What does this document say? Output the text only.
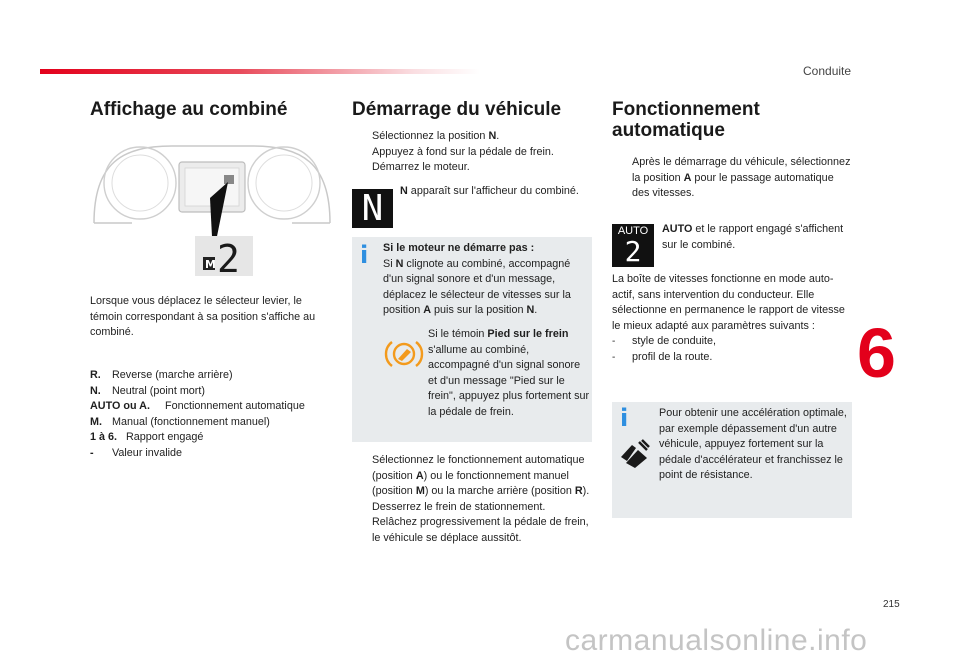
Conduite
Affichage au combiné
M 2
Lorsque vous déplacez le sélecteur levier, le témoin correspondant à sa position s'affiche au combiné.
R. Reverse (marche arrière)
N. Neutral (point mort)
AUTO ou A. Fonctionnement automatique
M. Manual (fonctionnement manuel)
1 à 6. Rapport engagé
- Valeur invalide
Démarrage du véhicule
Sélectionnez la position N.
Appuyez à fond sur la pédale de frein.
Démarrez le moteur.
N	N apparaît sur l'afficheur du combiné.
i Si le moteur ne démarre pas :
Si N clignote au combiné, accompagné d'un signal sonore et d'un message, déplacez le sélecteur de vitesses sur la position A puis sur la position N.
Si le témoin Pied sur le frein s'allume au combiné, accompagné d'un signal sonore et d'un message "Pied sur le frein", appuyez plus fortement sur la pédale de frein.
Sélectionnez le fonctionnement automatique (position A) ou le fonctionnement manuel (position M) ou la marche arrière (position R).
Desserrez le frein de stationnement.
Relâchez progressivement la pédale de frein, le véhicule se déplace aussitôt.
Fonctionnement
automatique
Après le démarrage du véhicule, sélectionnez la position A pour le passage automatique des vitesses.
AUTO
2
AUTO et le rapport engagé s'affichent sur le combiné.
La boîte de vitesses fonctionne en mode auto-actif, sans intervention du conducteur. Elle sélectionne en permanence le rapport de vitesse le mieux adapté aux paramètres suivants :
- style de conduite,
- profil de la route.
i	Pour obtenir une accélération optimale, par exemple dépassement d'un autre véhicule, appuyez fortement sur la pédale d'accélérateur et franchissez le point de résistance.
6
215
carmanualsonline.info
